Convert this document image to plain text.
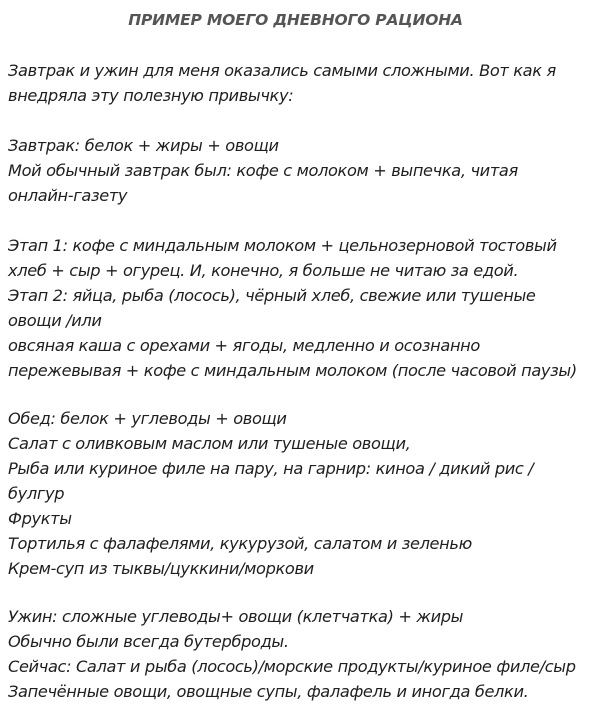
ПРИМЕР МОЕГО ДНЕВНОГО РАЦИОНА
Завтрак и ужин для меня оказались самыми сложными. Вот как я
внедряла эту полезную привычку:
Завтрак: белок + жиры + овощи
Мой обычный завтрак был: кофе с молоком + выпечка, читая
онлайн-газету
Этап 1: кофе с миндальным молоком + цельнозерновой тостовый
хлеб + сыр + огурец. И, конечно, я больше не читаю за едой.
Этап 2: яйца, рыба (лосось), чёрный хлеб, свежие или тушеные
овощи /или
овсяная каша с орехами + ягоды, медленно и осознанно
пережевывая + кофе с миндальным молоком (после часовой паузы)
Обед: белок + углеводы + овощи
Салат с оливковым маслом или тушеные овощи,
Рыба или куриное филе на пару, на гарнир: киноа / дикий рис /
булгур
Фрукты
Тортилья с фалафелями, кукурузой, салатом и зеленью
Крем-суп из тыквы/цуккини/моркови
Ужин: сложные углеводы+ овощи (клетчатка) + жиры
Обычно были всегда бутерброды.
Сейчас: Салат и рыба (лосось)/морские продукты/куриное филе/сыр
Запечённые овощи, овощные супы, фалафель и иногда белки.
